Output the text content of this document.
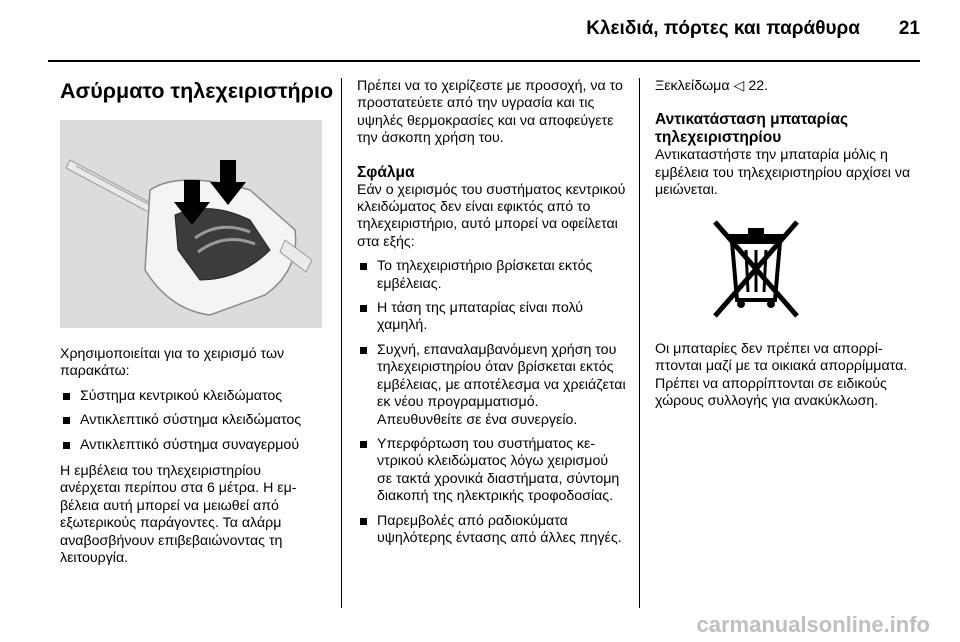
Κλειδιά, πόρτες και παράθυρα	21
Ασύρματο τηλεχειριστήριο

Χρησιμοποιείται για το χειρισμό των παρακάτω:

Σύστημα κεντρικού κλειδώματος
Αντικλεπτικό σύστημα κλειδώματος
Αντικλεπτικό σύστημα συναγερμού

Η εμβέλεια του τηλεχειριστηρίου ανέρχεται περίπου στα 6 μέτρα. Η εμβέλεια αυτή μπορεί να μειωθεί από εξωτερικούς παράγοντες. Τα αλάρμ αναβοσβήνουν επιβεβαιώνοντας τη λειτουργία.

Πρέπει να το χειρίζεστε με προσοχή, να το προστατεύετε από την υγρασία και τις υψηλές θερμοκρασίες και να αποφεύγετε την άσκοπη χρήση του.

Σφάλμα

Εάν ο χειρισμός του συστήματος κεντρικού κλειδώματος δεν είναι εφικτός από το τηλεχειριστήριο, αυτό μπορεί να οφείλεται στα εξής:

Το τηλεχειριστήριο βρίσκεται εκτός εμβέλειας.
Η τάση της μπαταρίας είναι πολύ χαμηλή.
Συχνή, επαναλαμβανόμενη χρήση του τηλεχειριστηρίου όταν βρίσκεται εκτός εμβέλειας, με αποτέλεσμα να χρειάζεται εκ νέου προγραμματισμό. Απευθυνθείτε σε ένα συνεργείο.
Υπερφόρτωση του συστήματος κεντρικού κλειδώματος λόγω χειρισμού σε τακτά χρονικά διαστήματα, σύντομη διακοπή της ηλεκτρικής τροφοδοσίας.
Παρεμβολές από ραδιοκύματα υψηλότερης έντασης από άλλες πηγές.

Ξεκλείδωμα ◁ 22.

Αντικατάσταση μπαταρίας τηλεχειριστηρίου

Αντικαταστήστε την μπαταρία μόλις η εμβέλεια του τηλεχειριστηρίου αρχίσει να μειώνεται.

Οι μπαταρίες δεν πρέπει να απορρίπτονται μαζί με τα οικιακά απορρίμματα. Πρέπει να απορρίπτονται σε ειδικούς χώρους συλλογής για ανακύκλωση.

carmanualsonline.info
